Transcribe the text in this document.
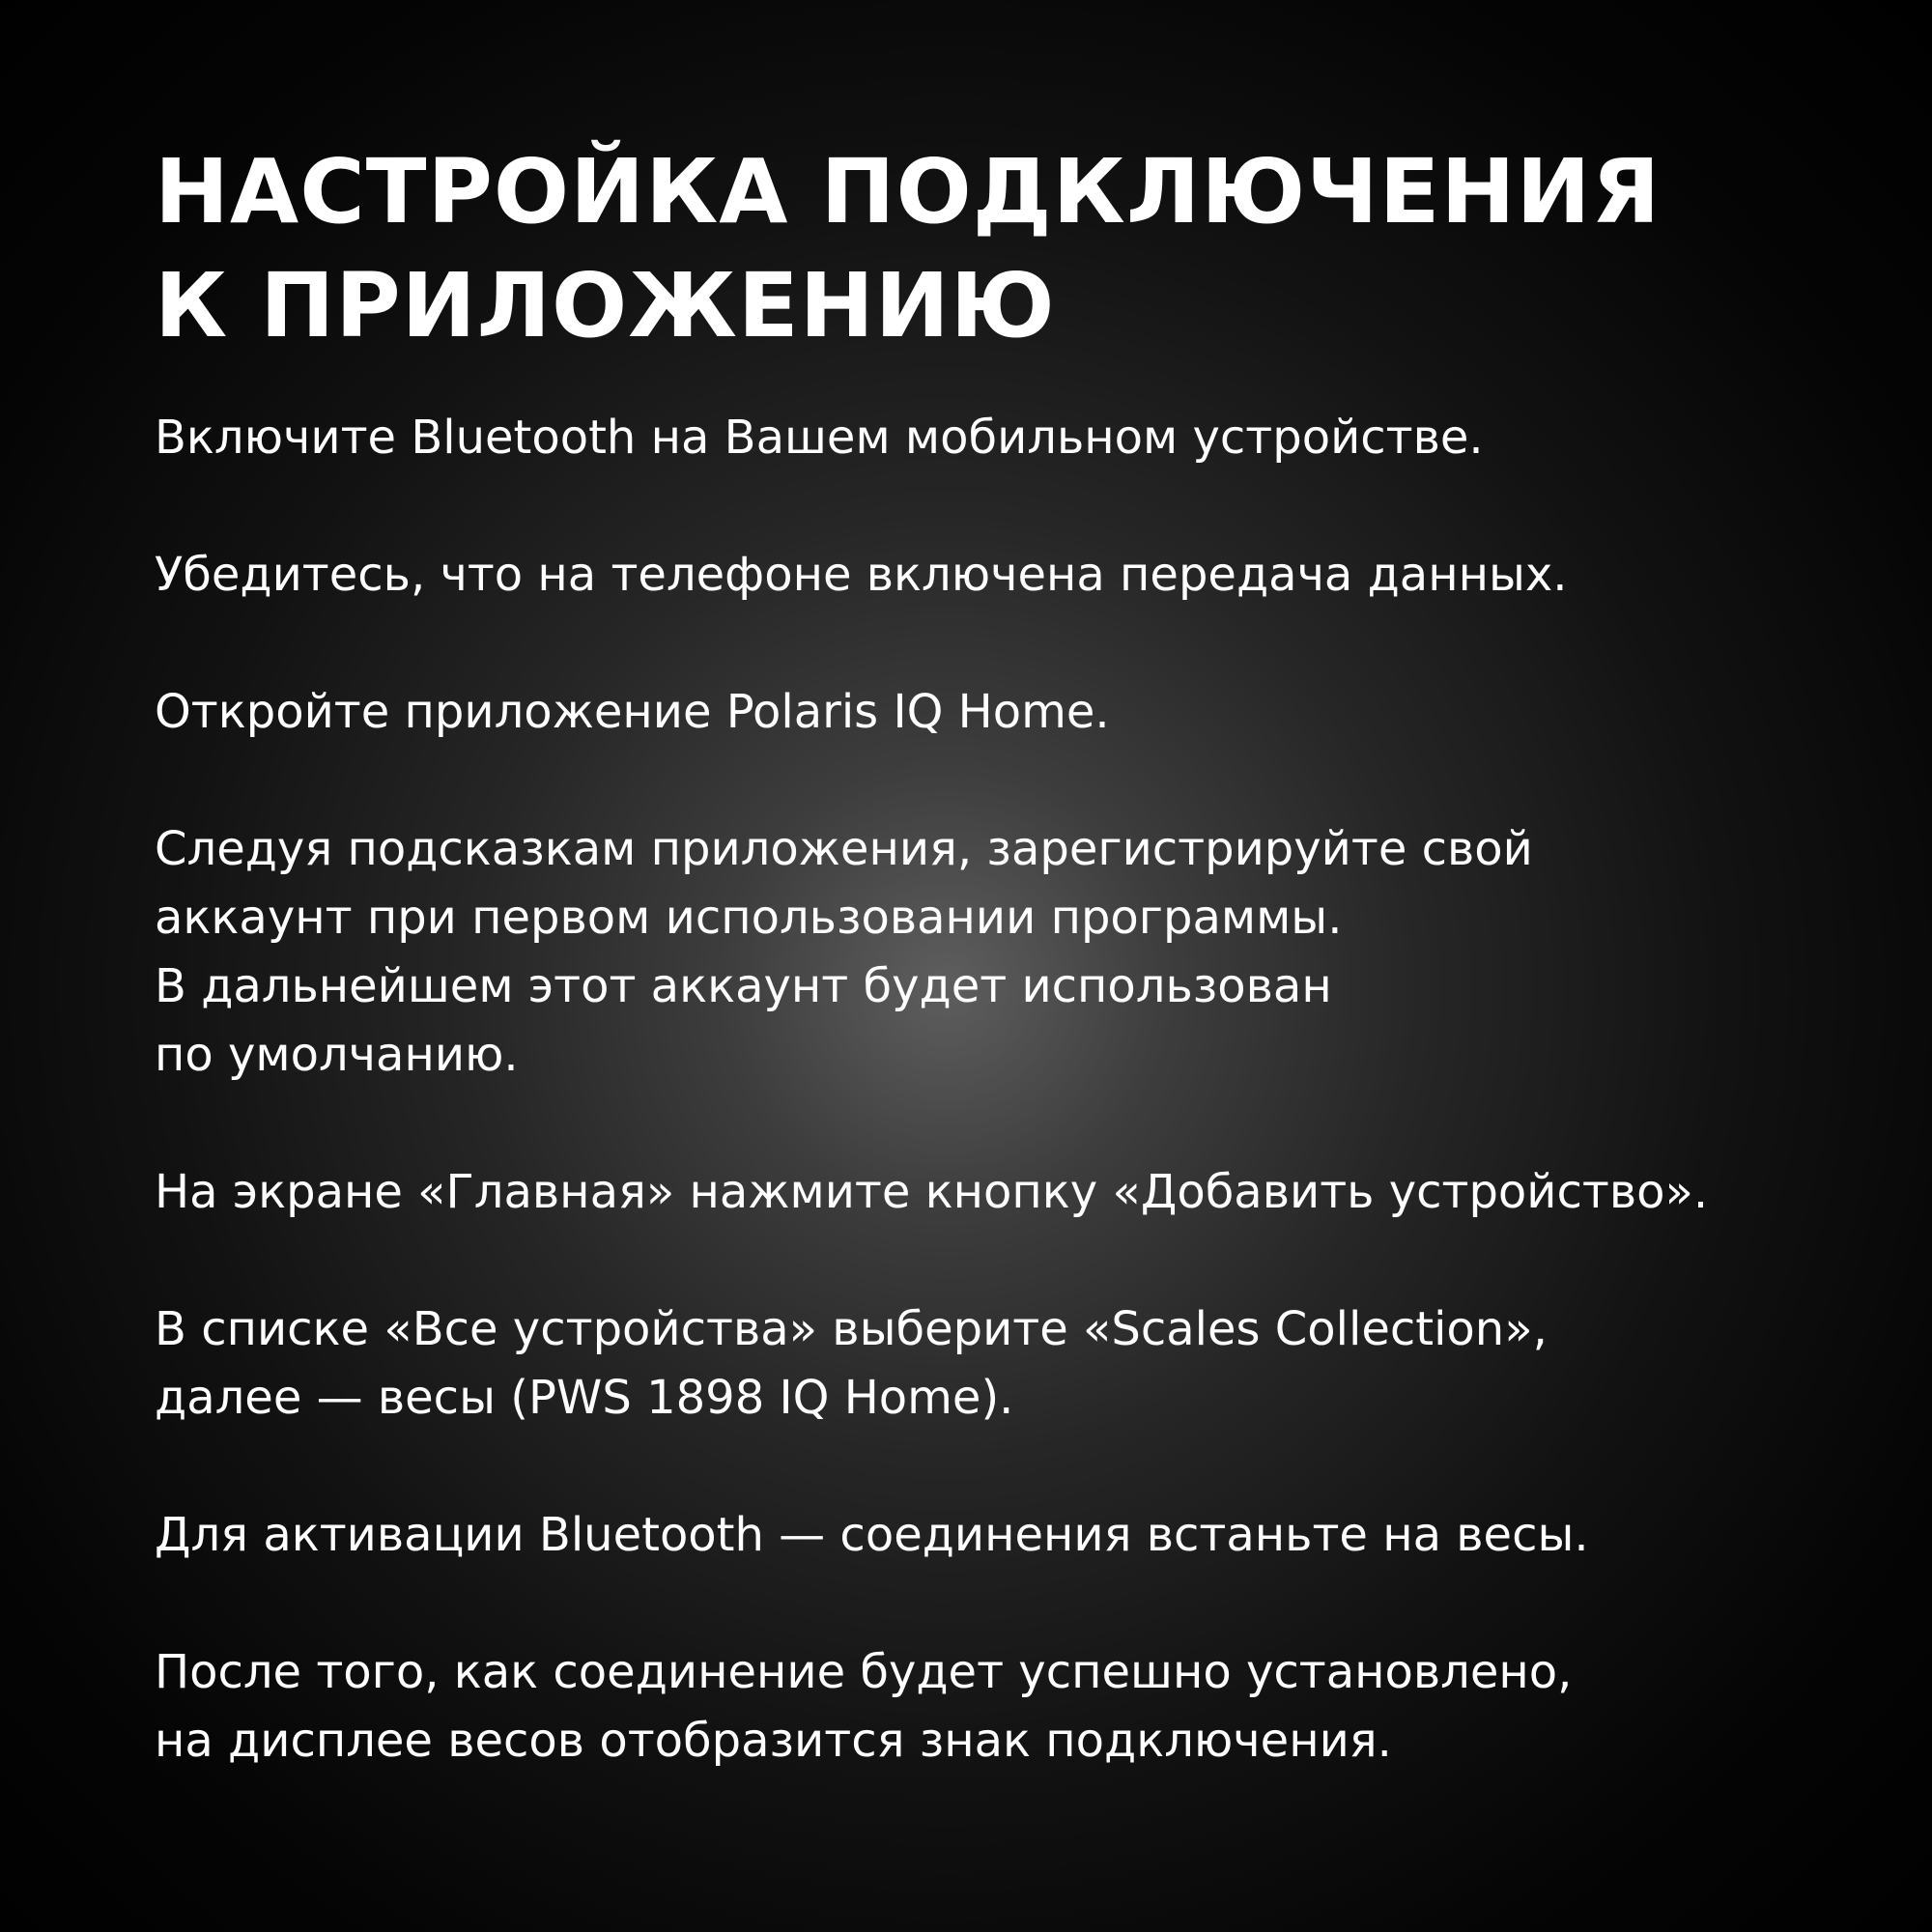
НАСТРОЙКА ПОДКЛЮЧЕНИЯ
К ПРИЛОЖЕНИЮ

Включите Bluetooth на Вашем мобильном устройстве.

Убедитесь, что на телефоне включена передача данных.

Откройте приложение Polaris IQ Home.

Следуя подсказкам приложения, зарегистрируйте свой
аккаунт при первом использовании программы.
В дальнейшем этот аккаунт будет использован
по умолчанию.

На экране «Главная» нажмите кнопку «Добавить устройство».

В списке «Все устройства» выберите «Scales Collection»,
далее — весы (PWS 1898 IQ Home).

Для активации Bluetooth — соединения встаньте на весы.

После того, как соединение будет успешно установлено,
на дисплее весов отобразится знак подключения.
